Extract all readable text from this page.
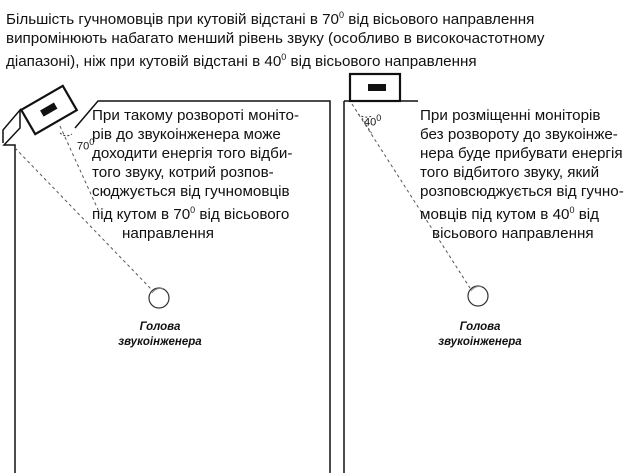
Більшість гучномовців при кутовій відстані в $70^0$ від вісьового направлення
випромінюють набагато менший рівень звуку (особливо в високочастотному
діапазоні), ніж при кутовій відстані в $40^0$ від вісьового направлення
$70^0$
$40^0$
При такому розвороті моніто-
рів до звукоінженера може
доходити енергія того відби-
того звуку, котрий розпов-
сюджується від гучномовців
під кутом в $70^0$ від вісьового
направлення
При розміщенні моніторів
без розвороту до звукоінже-
нера буде прибувати енергія
того відбитого звуку, який
розповсюджується від гучно-
мовців під кутом в $40^0$ від
вісьового направлення
Голова
звукоінженера
Голова
звукоінженера
